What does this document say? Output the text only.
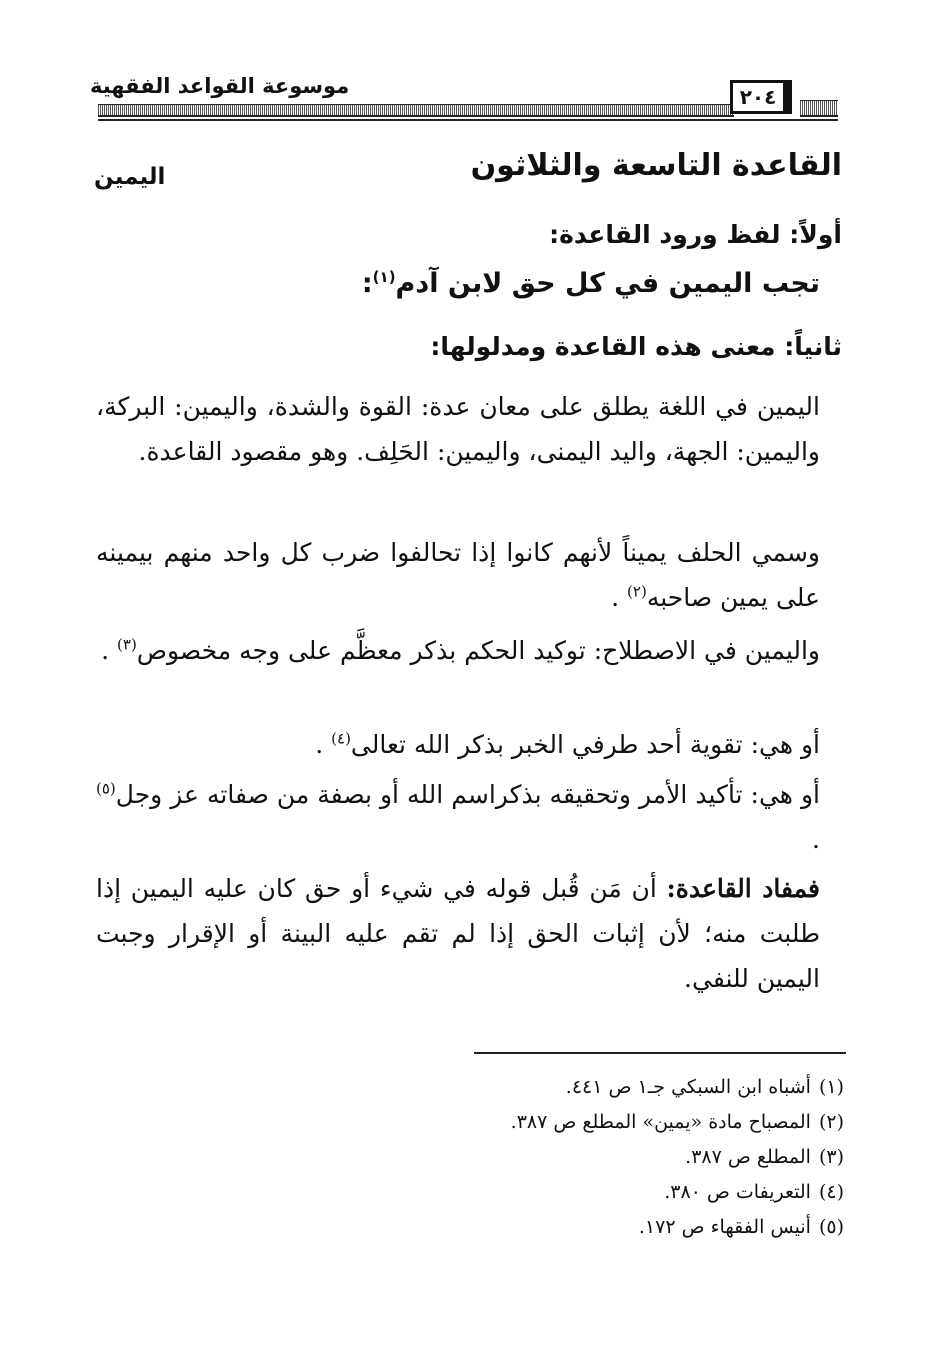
موسوعة القواعد الفقهية	٢٠٤
القاعدة التاسعة والثلاثون
اليمين
أولاً: لفظ ورود القاعدة:
تجب اليمين في كل حق لابن آدم$^{(١)}$:
ثانياً: معنى هذه القاعدة ومدلولها:

اليمين في اللغة يطلق على معان عدة: القوة والشدة، واليمين: البركة، واليمين: الجهة، واليد اليمنى، واليمين: الحَلِف. وهو مقصود القاعدة.

وسمي الحلف يميناً لأنهم كانوا إذا تحالفوا ضرب كل واحد منهم بيمينه على يمين صاحبه$^{(٢)}$ .

واليمين في الاصطلاح: توكيد الحكم بذكر معظَّم على وجه مخصوص$^{(٣)}$ .

أو هي: تقوية أحد طرفي الخبر بذكر الله تعالى$^{(٤)}$ .

أو هي: تأكيد الأمر وتحقيقه بذكراسم الله أو بصفة من صفاته عز وجل$^{(٥)}$ .

فمفاد القاعدة: أن مَن قُبل قوله في شيء أو حق كان عليه اليمين إذا طلبت منه؛ لأن إثبات الحق إذا لم تقم عليه البينة أو الإقرار وجبت اليمين للنفي.

(١)أشباه ابن السبكي جـ١ ص ٤٤١.
(٢)المصباح مادة «يمين» المطلع ص ٣٨٧.
(٣)المطلع ص ٣٨٧.
(٤)التعريفات ص ٣٨٠.
(٥)أنيس الفقهاء ص ١٧٢.
